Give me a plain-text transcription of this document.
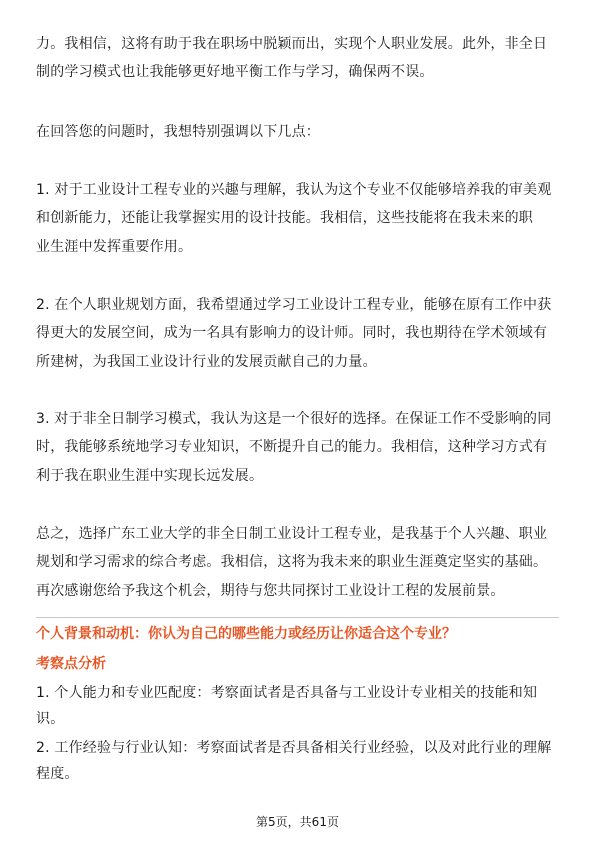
力。我相信，这将有助于我在职场中脱颖而出，实现个人职业发展。此外，非全日
制的学习模式也让我能够更好地平衡工作与学习，确保两不误。

在回答您的问题时，我想特别强调以下几点：

1. 对于工业设计工程专业的兴趣与理解，我认为这个专业不仅能够培养我的审美观
和创新能力，还能让我掌握实用的设计技能。我相信，这些技能将在我未来的职
业生涯中发挥重要作用。

2. 在个人职业规划方面，我希望通过学习工业设计工程专业，能够在原有工作中获
得更大的发展空间，成为一名具有影响力的设计师。同时，我也期待在学术领域有
所建树，为我国工业设计行业的发展贡献自己的力量。

3. 对于非全日制学习模式，我认为这是一个很好的选择。在保证工作不受影响的同
时，我能够系统地学习专业知识，不断提升自己的能力。我相信，这种学习方式有
利于我在职业生涯中实现长远发展。

总之，选择广东工业大学的非全日制工业设计工程专业，是我基于个人兴趣、职业
规划和学习需求的综合考虑。我相信，这将为我未来的职业生涯奠定坚实的基础。
再次感谢您给予我这个机会，期待与您共同探讨工业设计工程的发展前景。

个人背景和动机：你认为自己的哪些能力或经历让你适合这个专业？

考察点分析

1. 个人能力和专业匹配度：考察面试者是否具备与工业设计专业相关的技能和知
识。

2. 工作经验与行业认知：考察面试者是否具备相关行业经验，以及对此行业的理解
程度。

第5页，共61页
